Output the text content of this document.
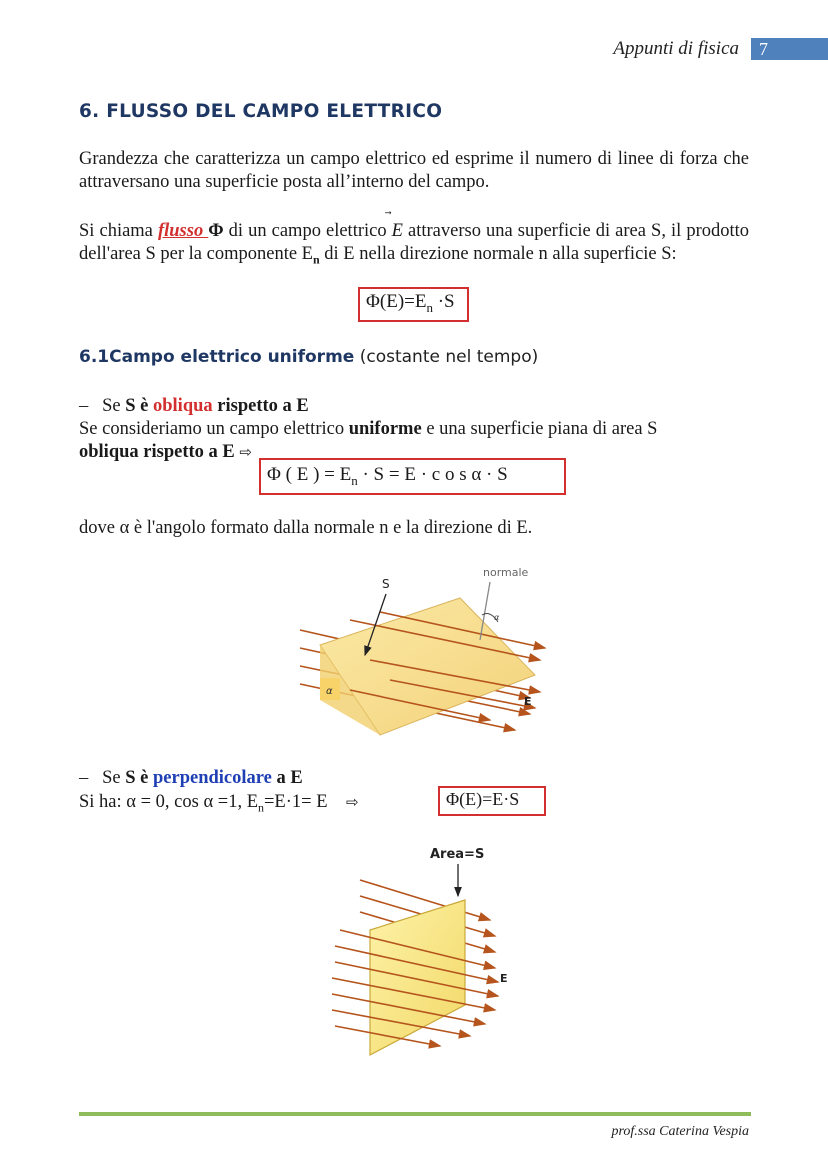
Appunti di fisica	7
6. FLUSSO DEL CAMPO ELETTRICO
Grandezza che caratterizza un campo elettrico ed esprime il numero di linee di forza che attraversano una superficie posta all’interno del campo.
Si chiama flusso Φ di un campo elettrico
E attraverso una superficie di area S, il prodotto dell'area S per la componente $E_n$ di E nella direzione normale n alla superficie S:
$\Phi(E)=E_n \cdot S$
6.1Campo elettrico uniforme (costante nel tempo)
– Se S è obliqua rispetto a E
Se consideriamo un campo elettrico uniforme e una superficie piana di area S
obliqua rispetto a E ⇨
Φ ( E ) = $E_n \cdot S = E \cdot c$ o s α · S
dove α è l'angolo formato dalla normale n e la direzione di E.
S
normale
α
α
E
– Se S è perpendicolare a E
Si ha: α = 0, cos α =1, $E_n=E\cdot 1= E$ ⇨	Φ(E)=E·S
Area=S
E
prof.ssa Caterina Vespia
